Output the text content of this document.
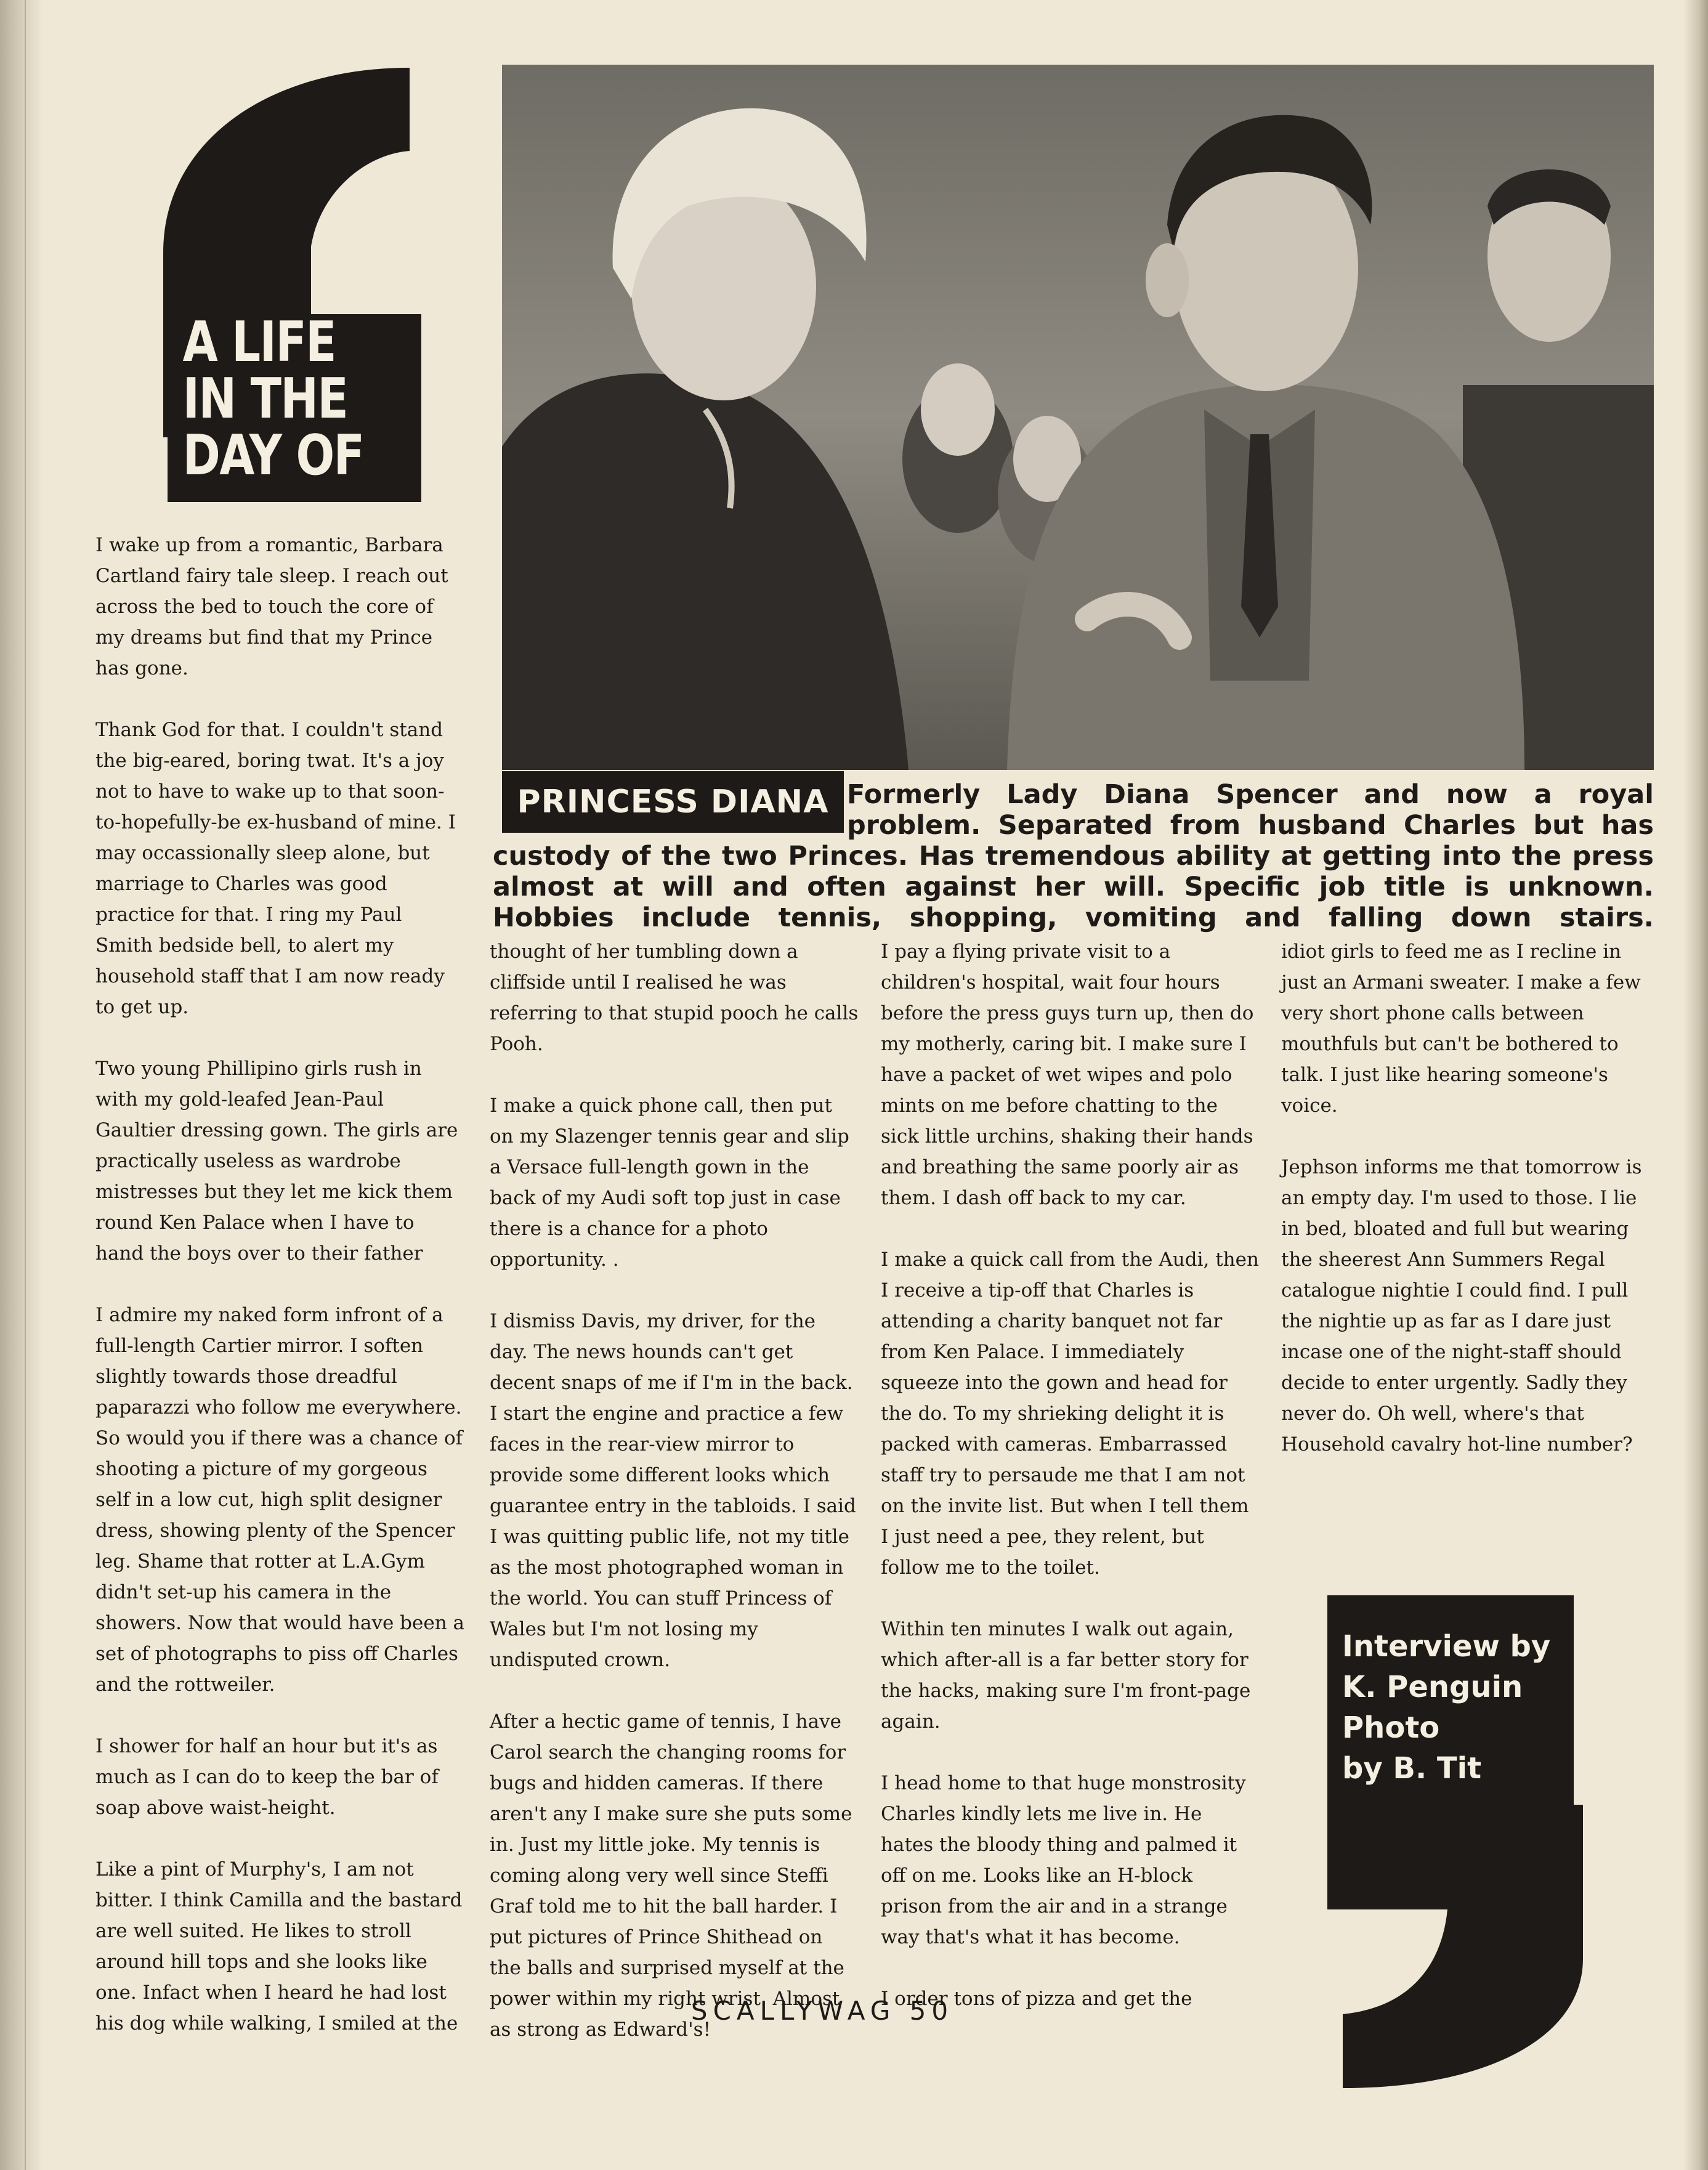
A LIFE
IN THE
DAY OF
PRINCESS DIANA Formerly Lady Diana Spencer and now a royal problem. Separated from husband Charles but has custody of the two Princes. Has tremendous ability at getting into the press almost at will and often against her will. Specific job title is unknown. Hobbies include tennis, shopping, vomiting and falling down stairs.

I wake up from a romantic, Barbara Cartland fairy tale sleep. I reach out across the bed to touch the core of my dreams but find that my Prince has gone.

Thank God for that. I couldn't stand the big-eared, boring twat. It's a joy not to have to wake up to that soon-to-hopefully-be ex-husband of mine. I may occassionally sleep alone, but marriage to Charles was good practice for that. I ring my Paul Smith bedside bell, to alert my household staff that I am now ready to get up.

Two young Phillipino girls rush in with my gold-leafed Jean-Paul Gaultier dressing gown. The girls are practically useless as wardrobe mistresses but they let me kick them round Ken Palace when I have to hand the boys over to their father

I admire my naked form infront of a full-length Cartier mirror. I soften slightly towards those dreadful paparazzi who follow me everywhere. So would you if there was a chance of shooting a picture of my gorgeous self in a low cut, high split designer dress, showing plenty of the Spencer leg. Shame that rotter at L.A.Gym didn't set-up his camera in the showers. Now that would have been a set of photographs to piss off Charles and the rottweiler.

I shower for half an hour but it's as much as I can do to keep the bar of soap above waist-height.

Like a pint of Murphy's, I am not bitter. I think Camilla and the bastard are well suited. He likes to stroll around hill tops and she looks like one. Infact when I heard he had lost his dog while walking, I smiled at the

thought of her tumbling down a cliffside until I realised he was referring to that stupid pooch he calls Pooh.

I make a quick phone call, then put on my Slazenger tennis gear and slip a Versace full-length gown in the back of my Audi soft top just in case there is a chance for a photo opportunity. .

I dismiss Davis, my driver, for the day. The news hounds can't get decent snaps of me if I'm in the back. I start the engine and practice a few faces in the rear-view mirror to provide some different looks which guarantee entry in the tabloids. I said I was quitting public life, not my title as the most photographed woman in the world. You can stuff Princess of Wales but I'm not losing my undisputed crown.

After a hectic game of tennis, I have Carol search the changing rooms for bugs and hidden cameras. If there aren't any I make sure she puts some in. Just my little joke. My tennis is coming along very well since Steffi Graf told me to hit the ball harder. I put pictures of Prince Shithead on the balls and surprised myself at the power within my right wrist. Almost as strong as Edward's!

I pay a flying private visit to a children's hospital, wait four hours before the press guys turn up, then do my motherly, caring bit. I make sure I have a packet of wet wipes and polo mints on me before chatting to the sick little urchins, shaking their hands and breathing the same poorly air as them. I dash off back to my car.

I make a quick call from the Audi, then I receive a tip-off that Charles is attending a charity banquet not far from Ken Palace. I immediately squeeze into the gown and head for the do. To my shrieking delight it is packed with cameras. Embarrassed staff try to persaude me that I am not on the invite list. But when I tell them I just need a pee, they relent, but follow me to the toilet.

Within ten minutes I walk out again, which after-all is a far better story for the hacks, making sure I'm front-page again.

I head home to that huge monstrosity Charles kindly lets me live in. He hates the bloody thing and palmed it off on me. Looks like an H-block prison from the air and in a strange way that's what it has become.

I order tons of pizza and get the

idiot girls to feed me as I recline in just an Armani sweater. I make a few very short phone calls between mouthfuls but can't be bothered to talk. I just like hearing someone's voice.

Jephson informs me that tomorrow is an empty day. I'm used to those. I lie in bed, bloated and full but wearing the sheerest Ann Summers Regal catalogue nightie I could find. I pull the nightie up as far as I dare just incase one of the night-staff should decide to enter urgently. Sadly they never do. Oh well, where's that Household cavalry hot-line number?

Interview by
K. Penguin
Photo
by B. Tit
SCALLYWAG 50
